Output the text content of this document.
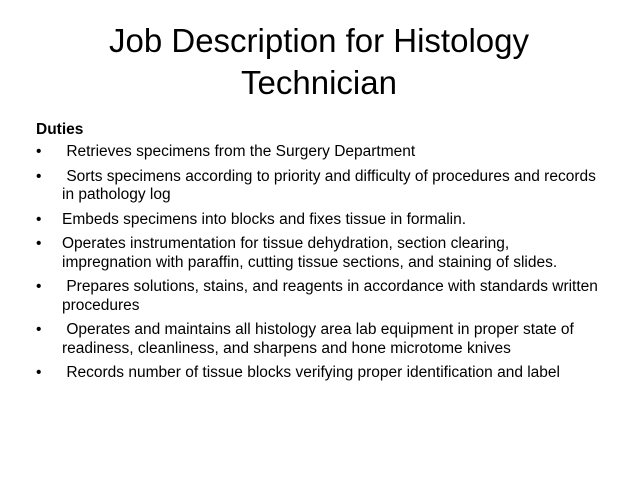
Job Description for Histology Technician
Duties
• Retrieves specimens from the Surgery Department
• Sorts specimens according to priority and difficulty of procedures and records in pathology log
• Embeds specimens into blocks and fixes tissue in formalin.
• Operates instrumentation for tissue dehydration, section clearing, impregnation with paraffin, cutting tissue sections, and staining of slides.
• Prepares solutions, stains, and reagents in accordance with standards written procedures
• Operates and maintains all histology area lab equipment in proper state of readiness, cleanliness, and sharpens and hone microtome knives
• Records number of tissue blocks verifying proper identification and label
